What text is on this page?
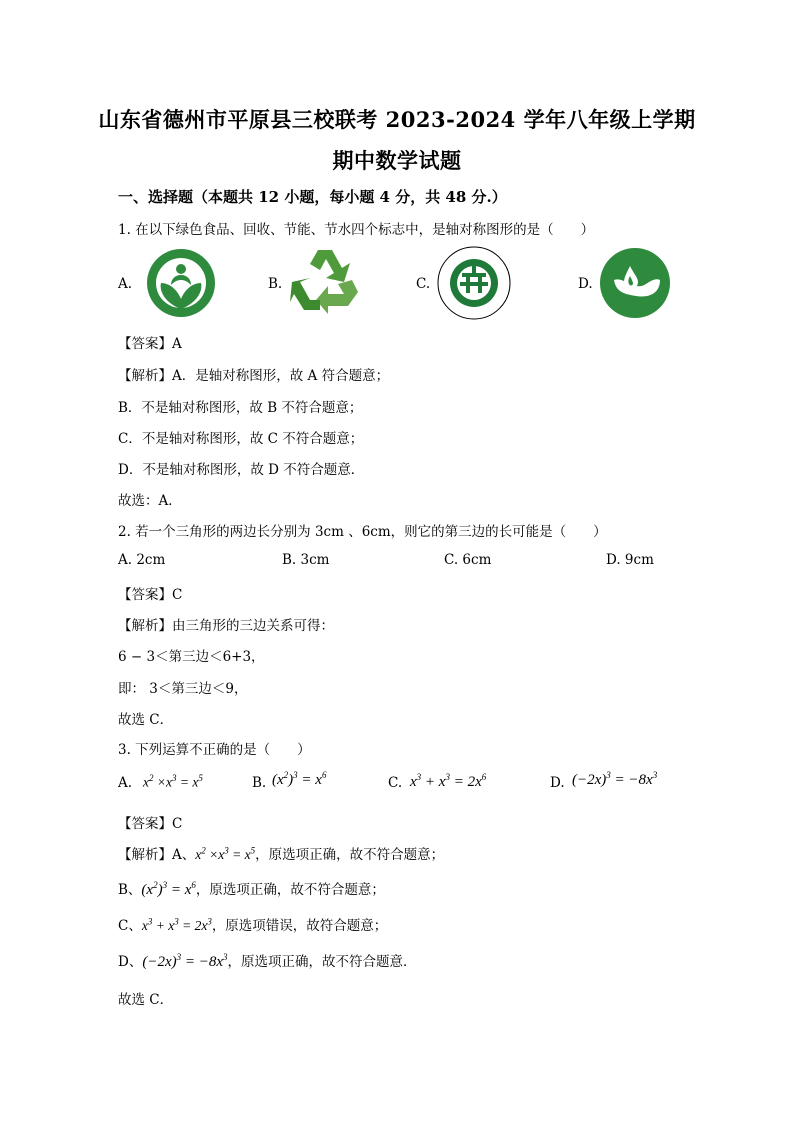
山东省德州市平原县三校联考 2023-2024 学年八年级上学期
期中数学试题
一、选择题（本题共 12 小题，每小题 4 分，共 48 分.）
1. 在以下绿色食品、回收、节能、节水四个标志中，是轴对称图形的是（　　）
A.	B.	C.	D.
【答案】A
【解析】A．是轴对称图形，故 A 符合题意；
B．不是轴对称图形，故 B 不符合题意；
C．不是轴对称图形，故 C 不符合题意；
D．不是轴对称图形，故 D 不符合题意．
故选：A．
2. 若一个三角形的两边长分别为 3cm 、6cm，则它的第三边的长可能是（　　）
A. 2cm	B. 3cm	C. 6cm	D. 9cm
【答案】C
【解析】由三角形的三边关系可得：
6 − 3＜第三边＜6+3，
即： 3＜第三边＜9，
故选 C．
3. 下列运算不正确的是（　　）
A. $x^2 \times x^3 = x^5$	B. $(x^2)^3 = x^6$	C. $x^3 + x^3 = 2x^6$	D. $(-2x)^3 = -8x^3$
【答案】C
【解析】A、$x^2 \times x^3 = x^5$，原选项正确，故不符合题意；
B、$(x^2)^3 = x^6$，原选项正确，故不符合题意；
C、$x^3 + x^3 = 2x^3$，原选项错误，故符合题意；
D、$(-2x)^3 = -8x^3$，原选项正确，故不符合题意．
故选 C．
